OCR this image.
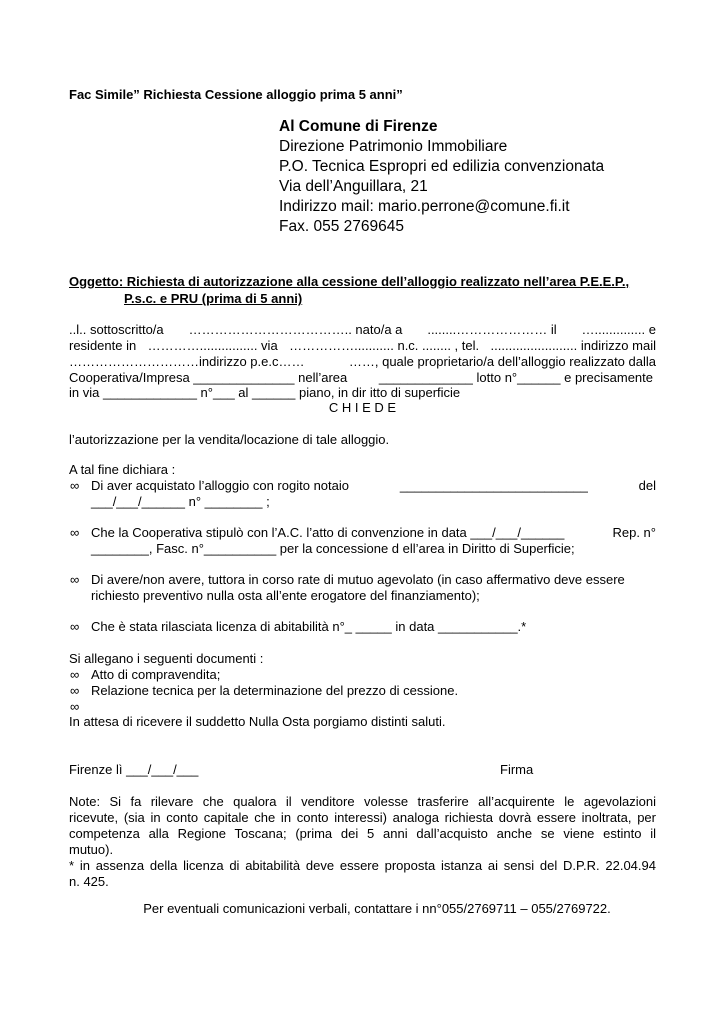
Fac Simile” Richiesta Cessione alloggio prima 5 anni”
Al Comune di Firenze
Direzione Patrimonio Immobiliare
P.O. Tecnica Espropri ed edilizia convenzionata
Via dell’Anguillara, 21
Indirizzo mail: mario.perrone@comune.fi.it
Fax. 055 2769645
Oggetto: Richiesta di autorizzazione alla cessione dell’alloggio realizzato nell’area P.E.E.P.,
P.s.c. e PRU (prima di 5 anni)
..l.. sottoscritto/a ……………………………….. nato/a a ........………………… il ….............. e
residente in …………................ via ……………........... n.c. ........ , tel. ........................ indirizzo mail
…………………………indirizzo p.e.c……	……, quale proprietario/a dell’alloggio realizzato dalla
Cooperativa/Impresa ______________ nell’area _____________ lotto n°______ e precisamente
in via _____________ n°___ al ______ piano, in dir itto di superficie
C H I E D E
l’autorizzazione per la vendita/locazione di tale alloggio.
A tal fine dichiara :
∞ Di aver acquistato l’alloggio con rogito notaio	__________________________	del
___/___/______ n° ________ ;
∞ Che la Cooperativa stipulò con l’A.C. l’atto di convenzione in data ___/___/______	Rep. n°
________, Fasc. n°__________ per la concessione d ell’area in Diritto di Superficie;
∞ Di avere/non avere, tuttora in corso rate di mutuo agevolato (in caso affermativo deve essere
richiesto preventivo nulla osta all’ente erogatore del finanziamento);
∞ Che è stata rilasciata licenza di abitabilità n°_ _____ in data ___________.*
Si allegano i seguenti documenti :
∞ Atto di compravendita;
∞ Relazione tecnica per la determinazione del prezzo di cessione.
∞
In attesa di ricevere il suddetto Nulla Osta porgiamo distinti saluti.
Firenze lì ___/___/___	Firma
Note: Si fa rilevare che qualora il venditore volesse trasferire all’acquirente le agevolazioni
ricevute, (sia in conto capitale che in conto interessi) analoga richiesta dovrà essere inoltrata, per
competenza alla Regione Toscana; (prima dei 5 anni dall’acquisto anche se viene estinto il
mutuo).
* in assenza della licenza di abitabilità deve essere proposta istanza ai sensi del D.P.R. 22.04.94
n. 425.
Per eventuali comunicazioni verbali, contattare i nn°055/2769711 – 055/2769722.
